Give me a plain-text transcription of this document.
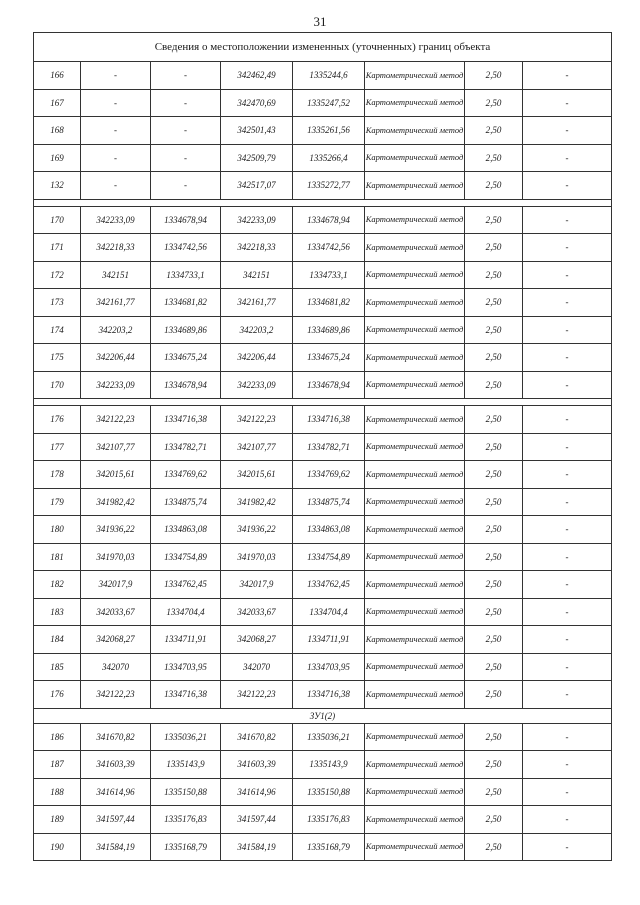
31
Сведения о местоположении измененных (уточненных) границ объекта							
166	-	-	342462,49	1335244,6	Картометрический метод	2,50	-
167	-	-	342470,69	1335247,52	Картометрический метод	2,50	-
168	-	-	342501,43	1335261,56	Картометрический метод	2,50	-
169	-	-	342509,79	1335266,4	Картометрический метод	2,50	-
132	-	-	342517,07	1335272,77	Картометрический метод	2,50	-

170	342233,09	1334678,94	342233,09	1334678,94	Картометрический метод	2,50	-
171	342218,33	1334742,56	342218,33	1334742,56	Картометрический метод	2,50	-
172	342151	1334733,1	342151	1334733,1	Картометрический метод	2,50	-
173	342161,77	1334681,82	342161,77	1334681,82	Картометрический метод	2,50	-
174	342203,2	1334689,86	342203,2	1334689,86	Картометрический метод	2,50	-
175	342206,44	1334675,24	342206,44	1334675,24	Картометрический метод	2,50	-
170	342233,09	1334678,94	342233,09	1334678,94	Картометрический метод	2,50	-

176	342122,23	1334716,38	342122,23	1334716,38	Картометрический метод	2,50	-
177	342107,77	1334782,71	342107,77	1334782,71	Картометрический метод	2,50	-
178	342015,61	1334769,62	342015,61	1334769,62	Картометрический метод	2,50	-
179	341982,42	1334875,74	341982,42	1334875,74	Картометрический метод	2,50	-
180	341936,22	1334863,08	341936,22	1334863,08	Картометрический метод	2,50	-
181	341970,03	1334754,89	341970,03	1334754,89	Картометрический метод	2,50	-
182	342017,9	1334762,45	342017,9	1334762,45	Картометрический метод	2,50	-
183	342033,67	1334704,4	342033,67	1334704,4	Картометрический метод	2,50	-
184	342068,27	1334711,91	342068,27	1334711,91	Картометрический метод	2,50	-
185	342070	1334703,95	342070	1334703,95	Картометрический метод	2,50	-
176	342122,23	1334716,38	342122,23	1334716,38	Картометрический метод	2,50	-
ЗУ1(2)							
186	341670,82	1335036,21	341670,82	1335036,21	Картометрический метод	2,50	-
187	341603,39	1335143,9	341603,39	1335143,9	Картометрический метод	2,50	-
188	341614,96	1335150,88	341614,96	1335150,88	Картометрический метод	2,50	-
189	341597,44	1335176,83	341597,44	1335176,83	Картометрический метод	2,50	-
190	341584,19	1335168,79	341584,19	1335168,79	Картометрический метод	2,50	-
